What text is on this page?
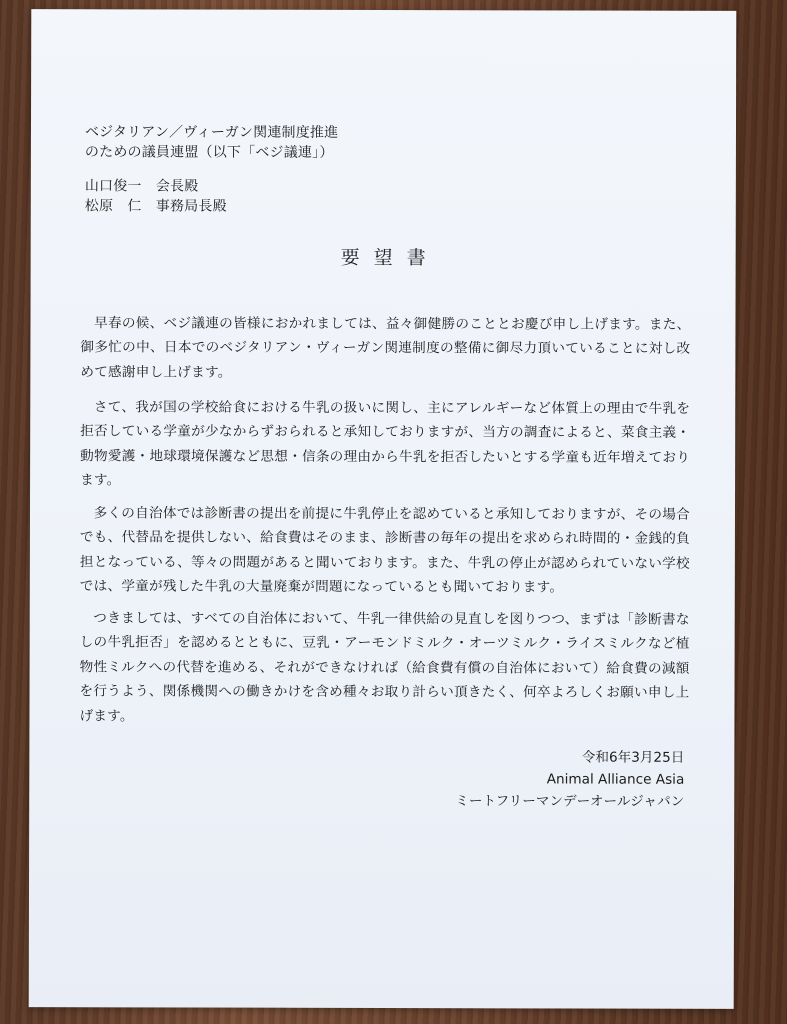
ベジタリアン／ヴィーガン関連制度推進
のための議員連盟（以下「ベジ議連」）
山口俊一　会長殿
松原　仁　事務局長殿
要望書

早春の候、ベジ議連の皆様におかれましては、益々御健勝のこととお慶び申し上げます。また、御多忙の中、日本でのベジタリアン・ヴィーガン関連制度の整備に御尽力頂いていることに対し改めて感謝申し上げます。

さて、我が国の学校給食における牛乳の扱いに関し、主にアレルギーなど体質上の理由で牛乳を拒否している学童が少なからずおられると承知しておりますが、当方の調査によると、菜食主義・動物愛護・地球環境保護など思想・信条の理由から牛乳を拒否したいとする学童も近年増えております。

多くの自治体では診断書の提出を前提に牛乳停止を認めていると承知しておりますが、その場合でも、代替品を提供しない、給食費はそのまま、診断書の毎年の提出を求められ時間的・金銭的負担となっている、等々の問題があると聞いております。また、牛乳の停止が認められていない学校では、学童が残した牛乳の大量廃棄が問題になっているとも聞いております。

つきましては、すべての自治体において、牛乳一律供給の見直しを図りつつ、まずは「診断書なしの牛乳拒否」を認めるとともに、豆乳・アーモンドミルク・オーツミルク・ライスミルクなど植物性ミルクへの代替を進める、それができなければ（給食費有償の自治体において）給食費の減額を行うよう、関係機関への働きかけを含め種々お取り計らい頂きたく、何卒よろしくお願い申し上げます。

令和6年3月25日
Animal Alliance Asia
ミートフリーマンデーオールジャパン
